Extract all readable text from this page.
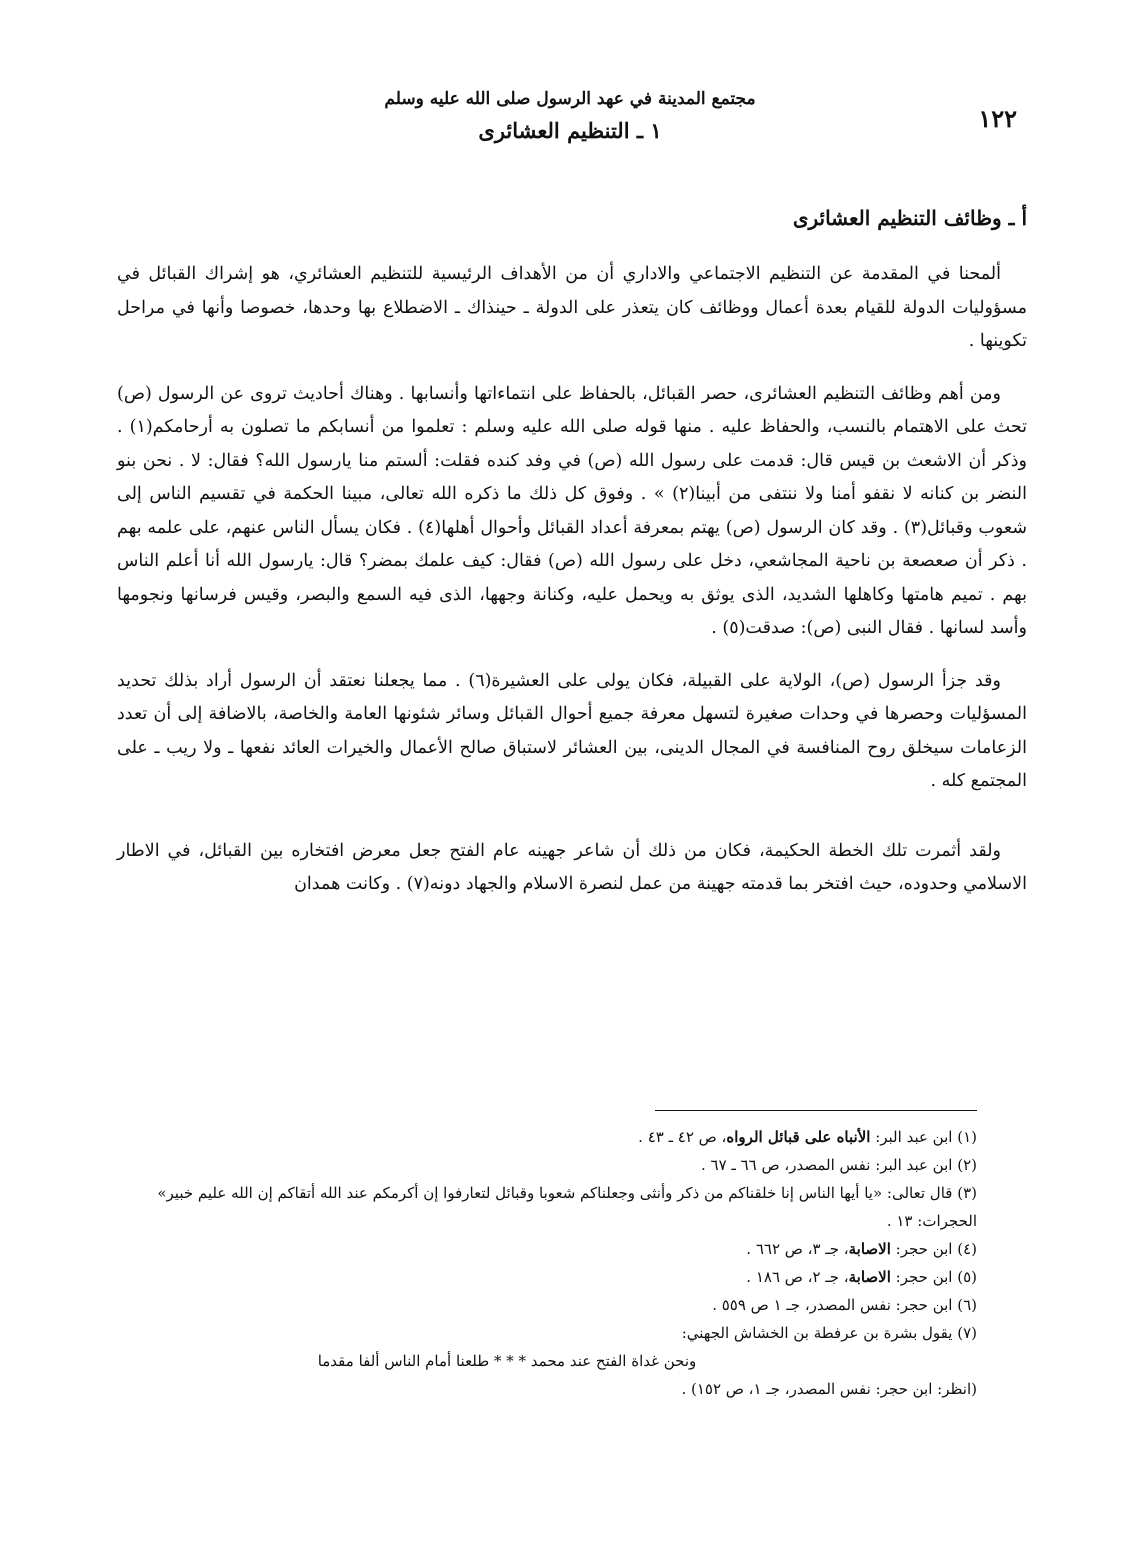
١٢٢
مجتمع المدينة في عهد الرسول صلى الله عليه وسلم
١ ـ التنظيم العشائرى
أ ـ وظائف التنظيم العشائرى

ألمحنا في المقدمة عن التنظيم الاجتماعي والاداري أن من الأهداف الرئيسية للتنظيم العشائري، هو إشراك القبائل في مسؤوليات الدولة للقيام بعدة أعمال ووظائف كان يتعذر على الدولة ـ حينذاك ـ الاضطلاع بها وحدها، خصوصا وأنها في مراحل تكوينها .

ومن أهم وظائف التنظيم العشائرى، حصر القبائل، بالحفاظ على انتماءاتها وأنسابها . وهناك أحاديث تروى عن الرسول (ص) تحث على الاهتمام بالنسب، والحفاظ عليه . منها قوله صلى الله عليه وسلم : تعلموا من أنسابكم ما تصلون به أرحامكم(١) . وذكر أن الاشعث بن قيس قال: قدمت على رسول الله (ص) في وفد كنده فقلت: ألستم منا يارسول الله؟ فقال: لا . نحن بنو النضر بن كنانه لا نقفو أمنا ولا ننتفى من أبينا(٢) » . وفوق كل ذلك ما ذكره الله تعالى، مبينا الحكمة في تقسيم الناس إلى شعوب وقبائل(٣) . وقد كان الرسول (ص) يهتم بمعرفة أعداد القبائل وأحوال أهلها(٤) . فكان يسأل الناس عنهم، على علمه بهم . ذكر أن صعصعة بن ناحية المجاشعي، دخل على رسول الله (ص) فقال: كيف علمك بمضر؟ قال: يارسول الله أنا أعلم الناس بهم . تميم هامتها وكاهلها الشديد، الذى يوثق به ويحمل عليه، وكنانة وجهها، الذى فيه السمع والبصر، وقيس فرسانها ونجومها وأسد لسانها . فقال النبى (ص): صدقت(٥) .

وقد جزأ الرسول (ص)، الولاية على القبيلة، فكان يولى على العشيرة(٦) . مما يجعلنا نعتقد أن الرسول أراد بذلك تحديد المسؤليات وحصرها في وحدات صغيرة لتسهل معرفة جميع أحوال القبائل وسائر شئونها العامة والخاصة، بالاضافة إلى أن تعدد الزعامات سيخلق روح المنافسة في المجال الدينى، بين العشائر لاستباق صالح الأعمال والخيرات العائد نفعها ـ ولا ريب ـ على المجتمع كله .

ولقد أثمرت تلك الخطة الحكيمة، فكان من ذلك أن شاعر جهينه عام الفتح جعل معرض افتخاره بين القبائل، في الاطار الاسلامي وحدوده، حيث افتخر بما قدمته جهينة من عمل لنصرة الاسلام والجهاد دونه(٧) . وكانت همدان

(١) ابن عبد البر: الأنباه على قبائل الرواه، ص ٤٢ ـ ٤٣ .

(٢) ابن عبد البر: نفس المصدر، ص ٦٦ ـ ٦٧ .

(٣) قال تعالى: «يا أيها الناس إنا خلقناكم من ذكر وأنثى وجعلناكم شعوبا وقبائل لتعارفوا إن أكرمكم عند الله أتقاكم إن الله عليم خبير» الحجرات: ١٣ .

(٤) ابن حجر: الاصابة، جـ ٣، ص ٦٦٢ .

(٥) ابن حجر: الاصابة، جـ ٢، ص ١٨٦ .

(٦) ابن حجر: نفس المصدر، جـ ١ ص ٥٥٩ .

(٧) يقول بشرة بن عرفطة بن الخشاش الجهني:

ونحن غداة الفتح عند محمد * * * طلعنا أمام الناس ألفا مقدما

(انظر: ابن حجر: نفس المصدر، جـ ١، ص ١٥٢) .
